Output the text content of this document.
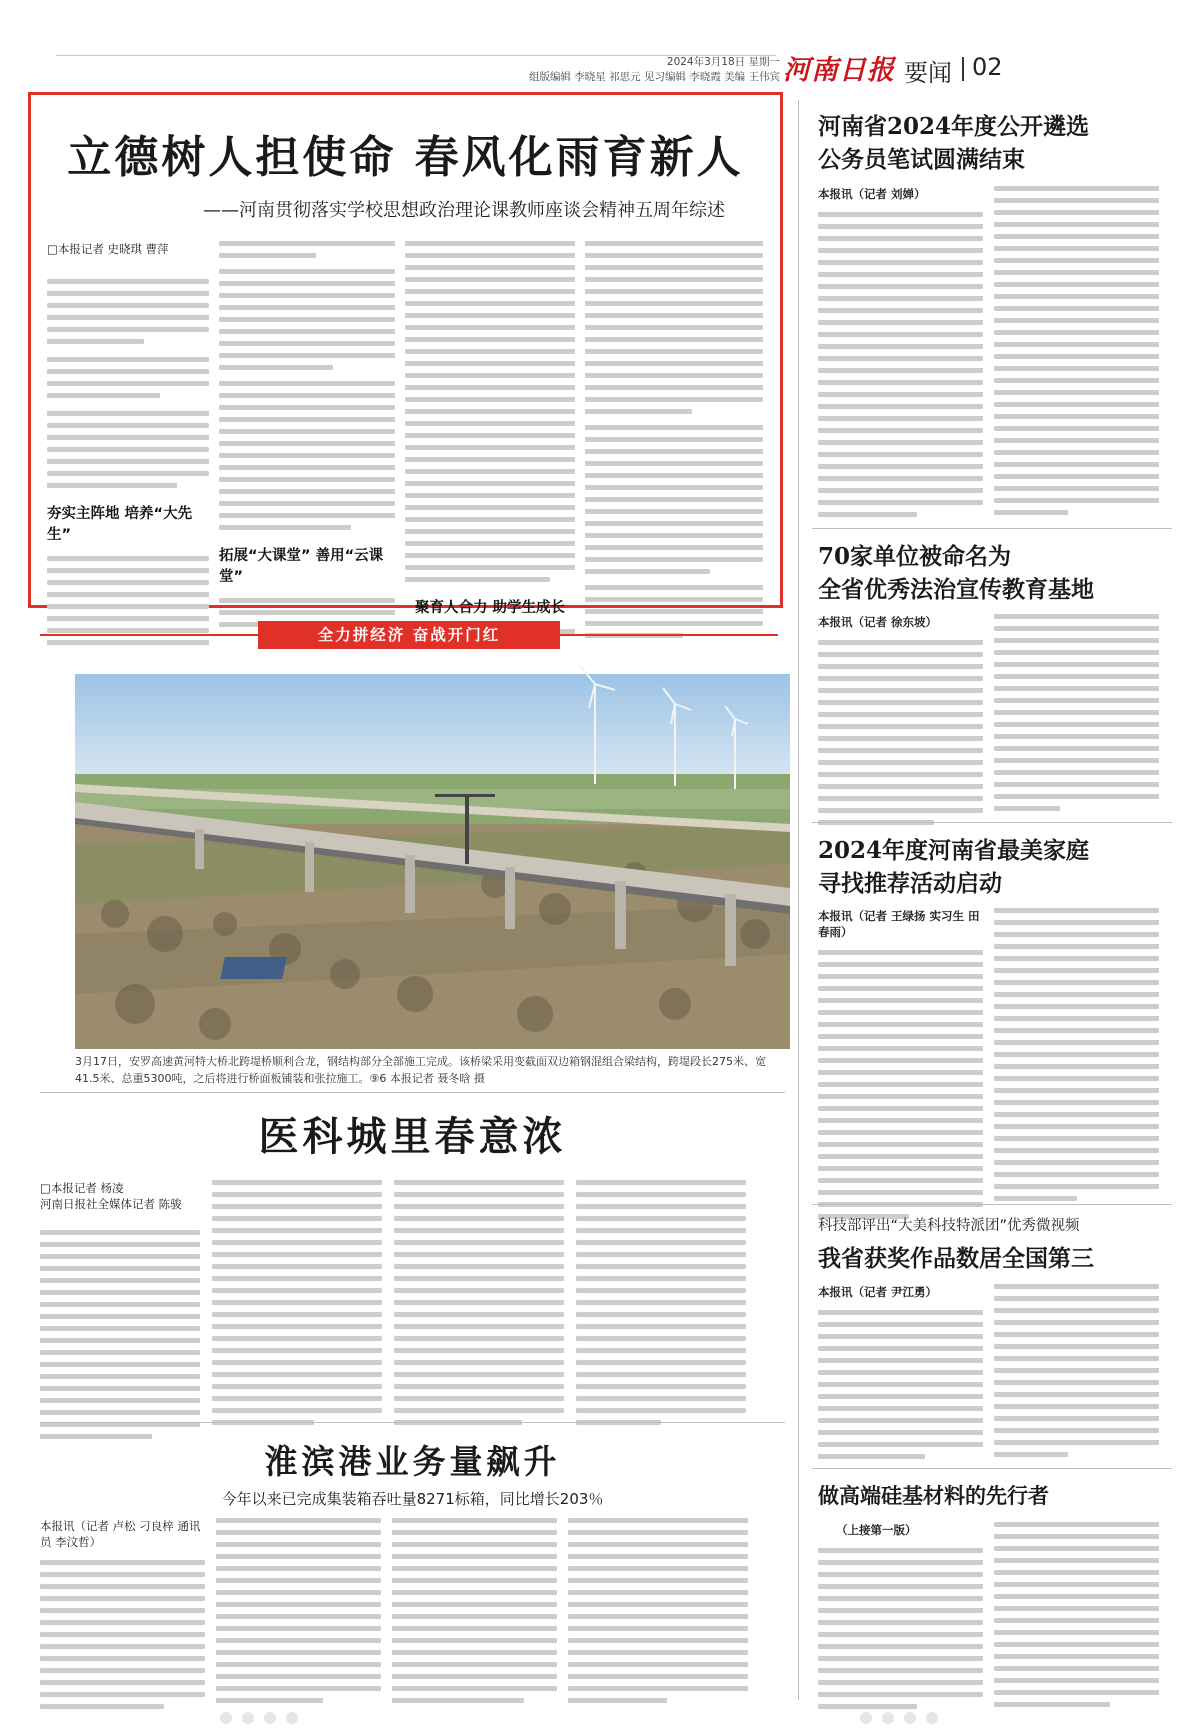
2024年3月18日 星期一
组版编辑 李晓星 祁思元 见习编辑 李晓霞 美编 王伟宾 河南日报 要闻 02
立德树人担使命 春风化雨育新人
——河南贯彻落实学校思想政治理论课教师座谈会精神五周年综述
□本报记者 史晓琪 曹萍
夯实主阵地 培养“大先生”
拓展“大课堂” 善用“云课堂”
聚育人合力 助学生成长
全力拼经济 奋战开门红
3月17日，安罗高速黄河特大桥北跨堤桥顺利合龙，钢结构部分全部施工完成。该桥梁采用变截面双边箱钢混组合梁结构，跨堤段长275米、宽41.5米、总重5300吨，之后将进行桥面板铺装和张拉施工。⑨6 本报记者 聂冬晗 摄
医科城里春意浓
□本报记者 杨凌
河南日报社全媒体记者 陈骏
淮滨港业务量飙升
今年以来已完成集装箱吞吐量8271标箱，同比增长203％
本报讯（记者 卢松 刁良梓 通讯员 李汶哲）
河南省2024年度公开遴选
公务员笔试圆满结束
本报讯（记者 刘婵）
70家单位被命名为
全省优秀法治宣传教育基地
本报讯（记者 徐东坡）
2024年度河南省最美家庭
寻找推荐活动启动
本报讯（记者 王绿扬 实习生 田春雨）
科技部评出“大美科技特派团”优秀微视频
我省获奖作品数居全国第三
本报讯（记者 尹江勇）
做高端硅基材料的先行者
（上接第一版）
